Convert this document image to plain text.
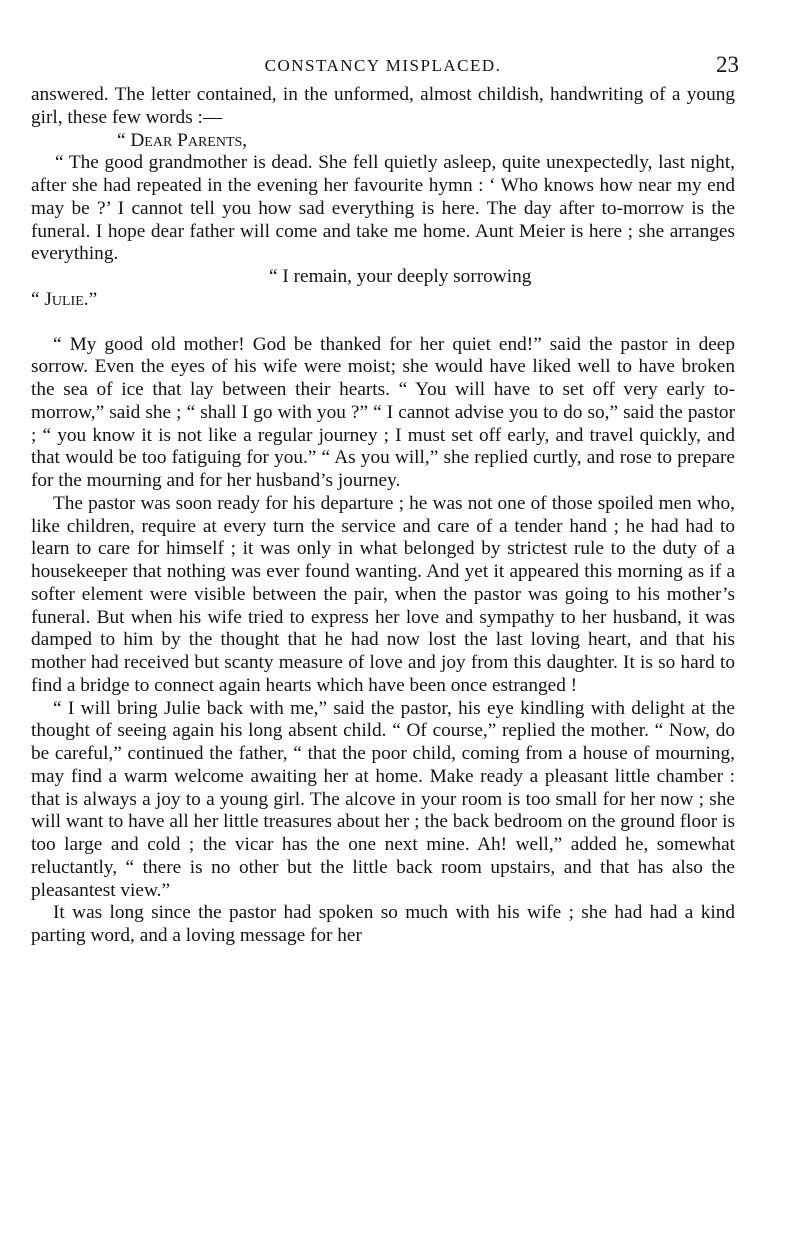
CONSTANCY MISPLACED.	23

answered. The letter contained, in the unformed, almost childish, handwriting of a young girl, these few words :—

“ Dear Parents,

“ The good grandmother is dead. She fell quietly asleep, quite unexpectedly, last night, after she had repeated in the evening her favourite hymn : ‘ Who knows how near my end may be ?’ I cannot tell you how sad everything is here. The day after to-morrow is the funeral. I hope dear father will come and take me home. Aunt Meier is here ; she arranges everything.

“ I remain, your deeply sorrowing

“ Julie.”

“ My good old mother! God be thanked for her quiet end!” said the pastor in deep sorrow. Even the eyes of his wife were moist; she would have liked well to have broken the sea of ice that lay between their hearts. “ You will have to set off very early to-morrow,” said she ; “ shall I go with you ?” “ I cannot advise you to do so,” said the pastor ; “ you know it is not like a regular journey ; I must set off early, and travel quickly, and that would be too fatiguing for you.” “ As you will,” she replied curtly, and rose to prepare for the mourning and for her husband’s journey.

The pastor was soon ready for his departure ; he was not one of those spoiled men who, like children, require at every turn the service and care of a tender hand ; he had had to learn to care for himself ; it was only in what belonged by strictest rule to the duty of a housekeeper that nothing was ever found wanting. And yet it appeared this morning as if a softer element were visible between the pair, when the pastor was going to his mother’s funeral. But when his wife tried to express her love and sympathy to her husband, it was damped to him by the thought that he had now lost the last loving heart, and that his mother had received but scanty measure of love and joy from this daughter. It is so hard to find a bridge to connect again hearts which have been once estranged !

“ I will bring Julie back with me,” said the pastor, his eye kindling with delight at the thought of seeing again his long absent child. “ Of course,” replied the mother. “ Now, do be careful,” continued the father, “ that the poor child, coming from a house of mourning, may find a warm welcome awaiting her at home. Make ready a pleasant little chamber : that is always a joy to a young girl. The alcove in your room is too small for her now ; she will want to have all her little treasures about her ; the back bedroom on the ground floor is too large and cold ; the vicar has the one next mine. Ah! well,” added he, somewhat reluctantly, “ there is no other but the little back room upstairs, and that has also the pleasantest view.”

It was long since the pastor had spoken so much with his wife ; she had had a kind parting word, and a loving message for her
